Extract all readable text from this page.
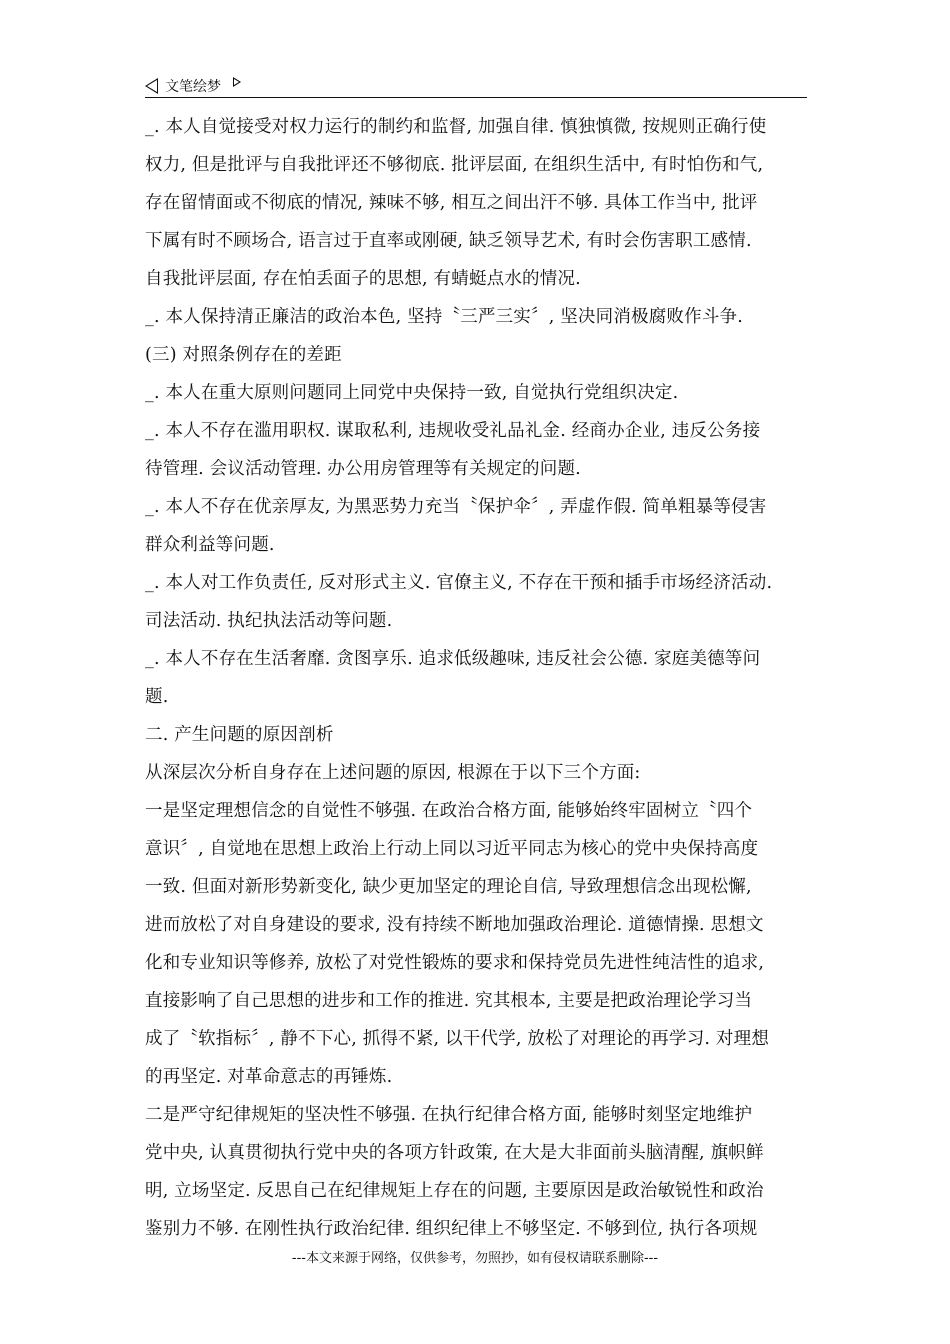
文笔绘梦
_. 本人自觉接受对权力运行的制约和监督, 加强自律. 慎独慎微, 按规则正确行使
权力, 但是批评与自我批评还不够彻底. 批评层面, 在组织生活中, 有时怕伤和气,
存在留情面或不彻底的情况, 辣味不够, 相互之间出汗不够. 具体工作当中, 批评
下属有时不顾场合, 语言过于直率或刚硬, 缺乏领导艺术, 有时会伤害职工感情.
自我批评层面, 存在怕丢面子的思想, 有蜻蜓点水的情况.
_. 本人保持清正廉洁的政治本色, 坚持〝三严三实〞, 坚决同消极腐败作斗争.
(三) 对照条例存在的差距
_. 本人在重大原则问题同上同党中央保持一致, 自觉执行党组织决定.
_. 本人不存在滥用职权. 谋取私利, 违规收受礼品礼金. 经商办企业, 违反公务接
待管理. 会议活动管理. 办公用房管理等有关规定的问题.
_. 本人不存在优亲厚友, 为黑恶势力充当〝保护伞〞, 弄虚作假. 简单粗暴等侵害
群众利益等问题.
_. 本人对工作负责任, 反对形式主义. 官僚主义, 不存在干预和插手市场经济活动.
司法活动. 执纪执法活动等问题.
_. 本人不存在生活奢靡. 贪图享乐. 追求低级趣味, 违反社会公德. 家庭美德等问
题.
二. 产生问题的原因剖析
从深层次分析自身存在上述问题的原因, 根源在于以下三个方面:
一是坚定理想信念的自觉性不够强. 在政治合格方面, 能够始终牢固树立〝四个
意识〞, 自觉地在思想上政治上行动上同以习近平同志为核心的党中央保持高度
一致. 但面对新形势新变化, 缺少更加坚定的理论自信, 导致理想信念出现松懈,
进而放松了对自身建设的要求, 没有持续不断地加强政治理论. 道德情操. 思想文
化和专业知识等修养, 放松了对党性锻炼的要求和保持党员先进性纯洁性的追求,
直接影响了自己思想的进步和工作的推进. 究其根本, 主要是把政治理论学习当
成了〝软指标〞, 静不下心, 抓得不紧, 以干代学, 放松了对理论的再学习. 对理想
的再坚定. 对革命意志的再锤炼.
二是严守纪律规矩的坚决性不够强. 在执行纪律合格方面, 能够时刻坚定地维护
党中央, 认真贯彻执行党中央的各项方针政策, 在大是大非面前头脑清醒, 旗帜鲜
明, 立场坚定. 反思自己在纪律规矩上存在的问题, 主要原因是政治敏锐性和政治
鉴别力不够. 在刚性执行政治纪律. 组织纪律上不够坚定. 不够到位, 执行各项规
---本文来源于网络，仅供参考，勿照抄，如有侵权请联系删除---
